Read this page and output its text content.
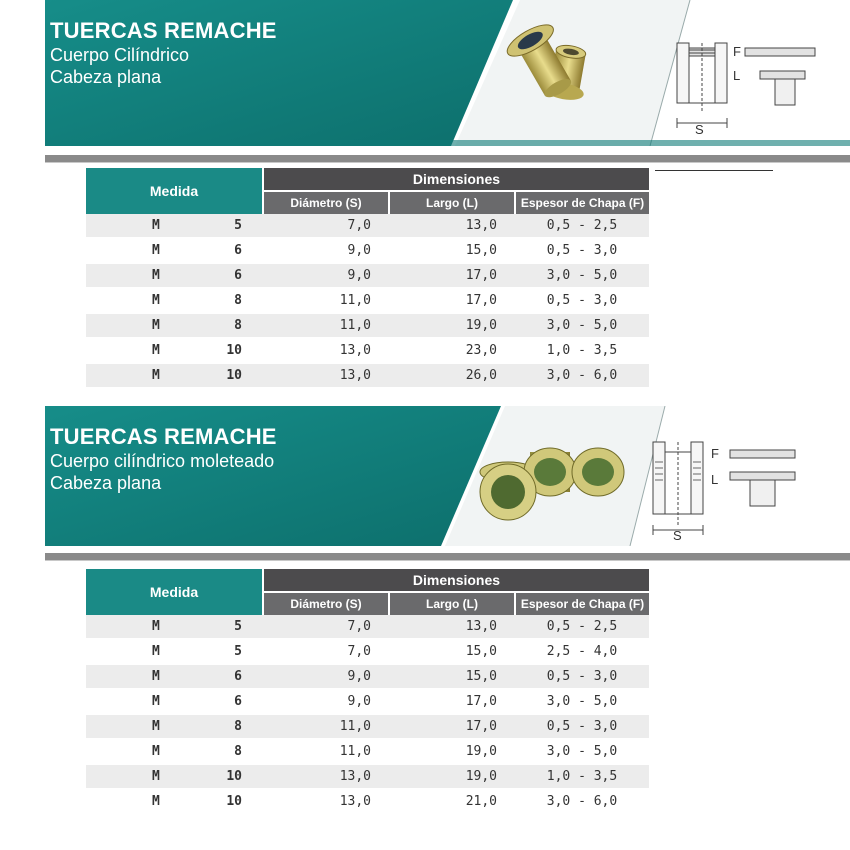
TUERCAS REMACHE
Cuerpo Cilíndrico
Cabeza plana
F
L
S
Medida	Dimensiones		
	Diámetro (S)	Largo (L)	Espesor de Chapa (F)
M 5	7,0	13,0	0,5 - 2,5
M 6	9,0	15,0	0,5 - 3,0
M 6	9,0	17,0	3,0 - 5,0
M 8	11,0	17,0	0,5 - 3,0
M 8	11,0	19,0	3,0 - 5,0
M 10	13,0	23,0	1,0 - 3,5
M 10	13,0	26,0	3,0 - 6,0
TUERCAS REMACHE
Cuerpo cilíndrico moleteado
Cabeza plana
F
L
S
Medida	Dimensiones		
	Diámetro (S)	Largo (L)	Espesor de Chapa (F)
M 5	7,0	13,0	0,5 - 2,5
M 5	7,0	15,0	2,5 - 4,0
M 6	9,0	15,0	0,5 - 3,0
M 6	9,0	17,0	3,0 - 5,0
M 8	11,0	17,0	0,5 - 3,0
M 8	11,0	19,0	3,0 - 5,0
M 10	13,0	19,0	1,0 - 3,5
M 10	13,0	21,0	3,0 - 6,0
